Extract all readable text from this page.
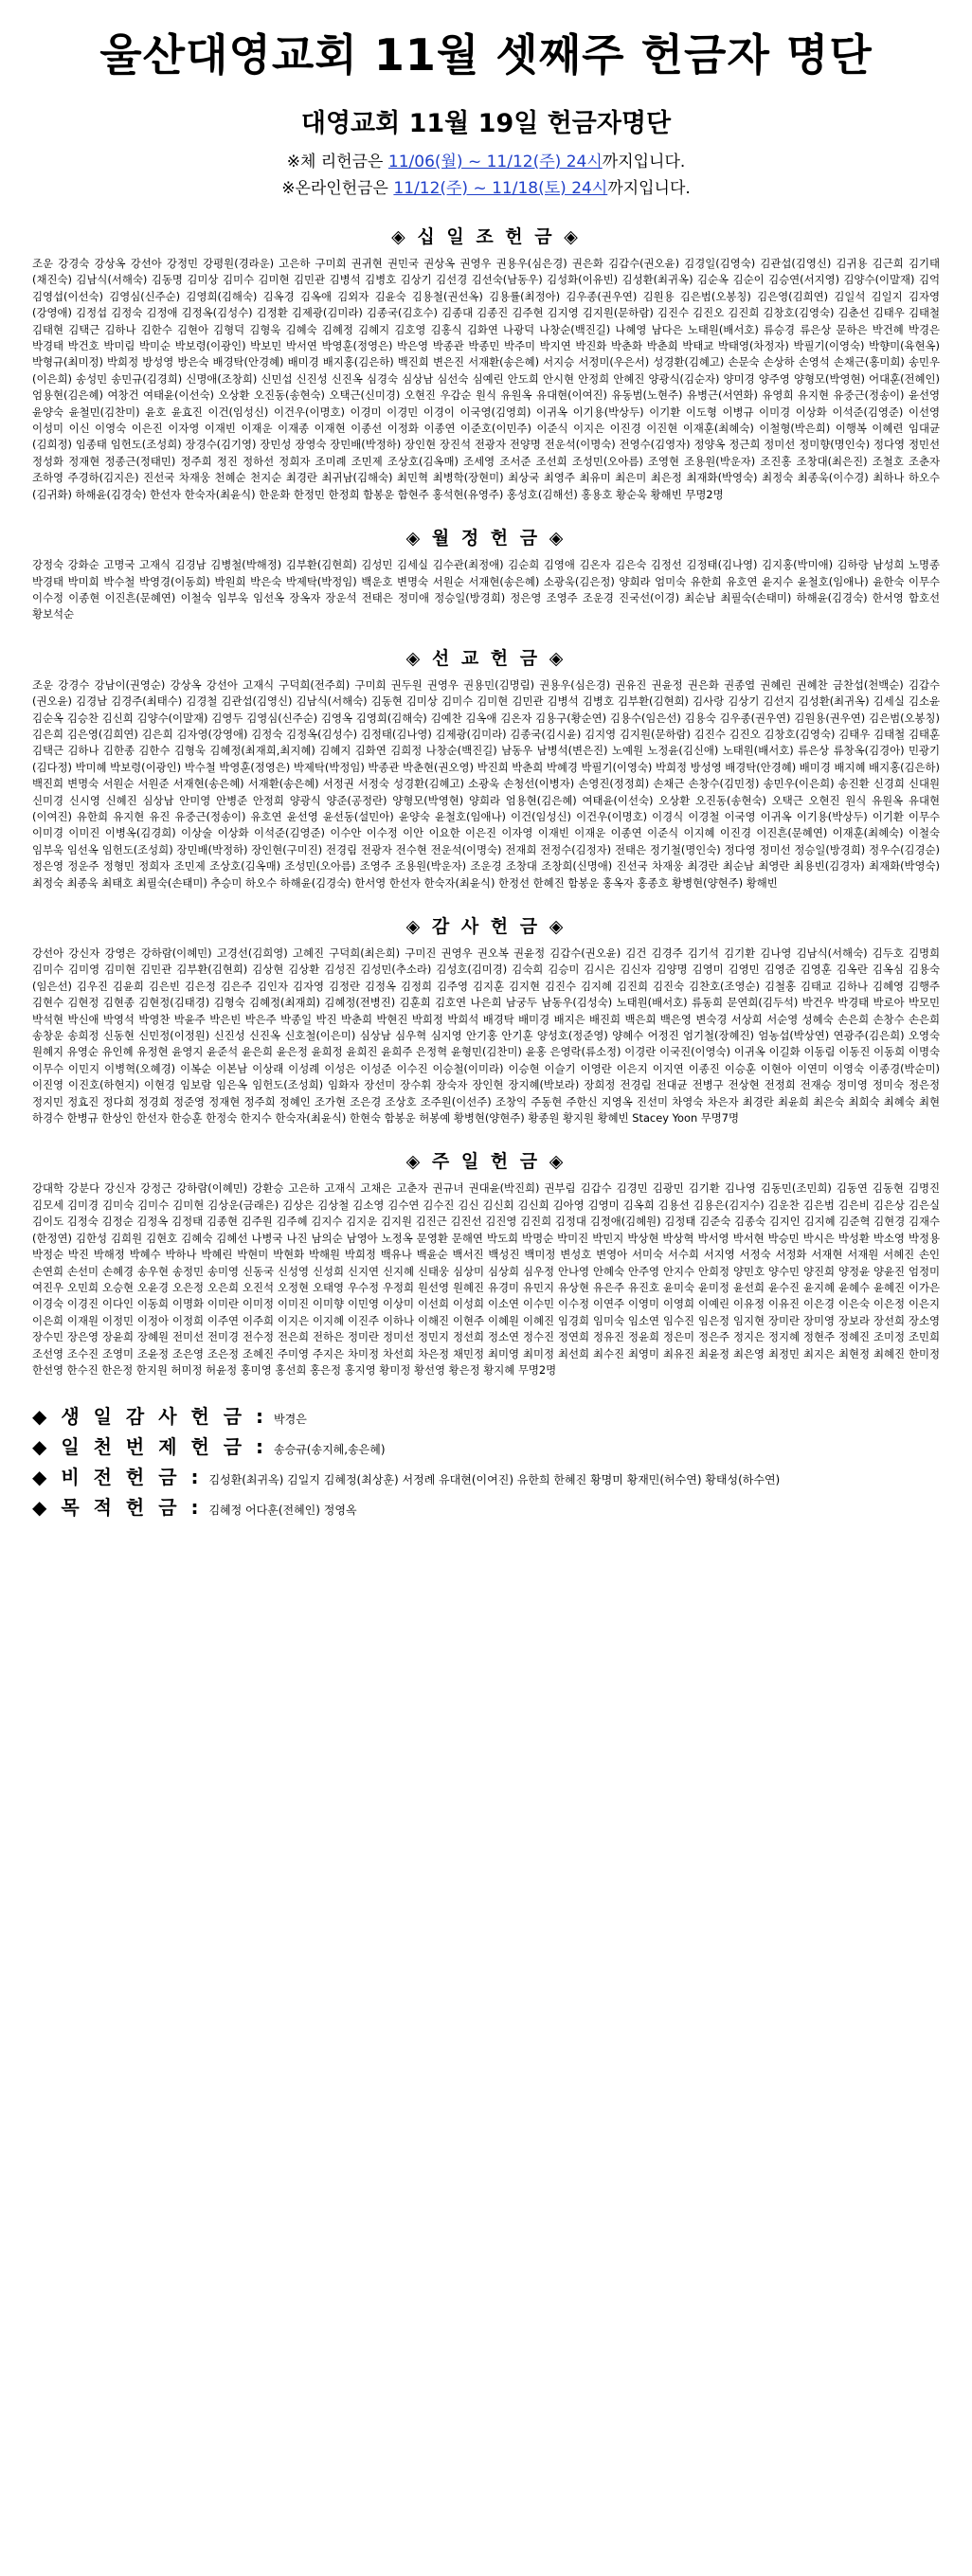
울산대영교회 11월 셋째주 헌금자 명단
대영교회 11월 19일 헌금자명단
※체 리헌금은 11/06(월) ~ 11/12(주) 24시까지입니다.
※온라인헌금은 11/12(주) ~ 11/18(토) 24시까지입니다.
◈ 십 일 조 헌 금 ◈
조운 강경숙 강상옥 강선아 강정민 강평원(경라운) 고은하 구미희 권귀현 권민국 권상옥 권영우 권용우(심은경) 권은화 김갑수(권오윤) 김경일(김영숙) 김관섭(김영신) 김귀용 김근희 김기태(채진숙) 김남식(서해숙) 김동명 김미상 김미수 김미현 김민관 김병석 김병호 김상기 김선경 김선숙(남동우) 김성화(이유빈) 김성환(최귀옥) 김순옥 김순이 김승연(서지영) 김양수(이말재) 김억 김영섭(이선숙) 김영심(신주순) 김영희(김해숙) 김옥경 김옥애 김외자 김윤숙 김용철(권선옥) 김용률(최정아) 김우종(권우연) 김원용 김은범(오봉칭) 김은영(김희연) 김일석 김일지 김자영(강영애) 김정섭 김정숙 김정애 김정옥(김성수) 김정환 김제광(김미라) 김종국(김호수) 김종대 김종진 김주현 김지영 김지원(문하람) 김진수 김진오 김진희 김창호(김영숙) 김춘선 김태우 김태철 김태현 김택근 김하나 김한수 김현아 김형덕 김형욱 김혜숙 김혜정 김혜지 김호영 김홍식 김화연 나광덕 나창순(백진길) 나혜영 남다은 노태원(배서호) 류승경 류은상 문하은 박건혜 박경은 박경태 박건호 박미림 박미순 박보령(이광인) 박보민 박서연 박영훈(정영은) 박은영 박종관 박종민 박주미 박지연 박진화 박춘화 박춘희 박태교 박태영(차정자) 박필기(이영숙) 박향미(육현옥) 박형규(최미정) 박희정 방성영 방은숙 배경탁(안경혜) 배미경 배지홍(김은하) 백진희 변은진 서재환(송은혜) 서지승 서정미(우은서) 성경환(김혜고) 손문숙 손상하 손영석 손채근(홍미희) 송민우(이은희) 송성민 송민규(김경희) 신명애(조창희) 신민섭 신진성 신진옥 심경숙 심상남 심선숙 심예린 안도희 안시현 안정희 안혜진 양광식(김순자) 양미경 양주영 양형모(박영현) 어대훈(전혜인) 엄용현(김은혜) 여창건 여태윤(이선숙) 오상환 오진동(송현숙) 오택근(신미경) 오현진 우갑순 원식 유원옥 유대현(이여진) 유동범(노현주) 유병근(서연화) 유영희 유지현 유중근(정송이) 윤선영 윤양숙 윤철민(김찬미) 윤호 윤효진 이건(임성신) 이건우(이명호) 이경미 이경민 이경이 이국영(김영희) 이귀옥 이기용(박상두) 이기환 이도형 이병규 이미경 이상화 이석준(김영준) 이선영 이성미 이신 이영숙 이은진 이자영 이재빈 이재운 이재종 이재현 이종선 이정화 이종연 이준호(이민주) 이준식 이지은 이진경 이진현 이재훈(최혜숙) 이철형(박은희) 이행복 이혜련 임대균(김희정) 임종태 임헌도(조성희) 장경수(김기영) 장민성 장영숙 장민배(박정하) 장인현 장진석 전광자 전양명 전운석(이명숙) 전영수(김영자) 정양옥 정근희 정미선 정미향(명인숙) 정다영 정민선 정성화 정재현 정종근(정태민) 정주희 정진 정하선 정희자 조미례 조민제 조상호(김옥매) 조세영 조서준 조선희 조성민(오아름) 조영현 조용원(박운자) 조진홍 조창대(최은진) 조철호 조춘자 조하영 주경하(김지은) 진선국 차재웅 천혜순 천지순 최경란 최귀남(김해숙) 최민혁 최병학(장현미) 최상국 최영주 최유미 최은미 최은정 최재화(박영숙) 최정숙 최종욱(이수경) 최하나 하오수(김귀화) 하해윤(김경숙) 한선자 한숙자(최윤식) 한운화 한정민 한정희 함봉운 함현주 홍석현(유영주) 홍성호(김해선) 홍용호 황순욱 황해빈 무명2명
◈ 월 정 헌 금 ◈
강정숙 강화순 고명국 고재식 김경남 김병철(박해정) 김부환(김현희) 김성민 김세실 김수관(최정애) 김순희 김영애 김온자 김은숙 김정선 김정태(김나영) 김지홍(박미애) 김하랑 남성희 노명종 박경태 박미희 박수철 박영경(이동희) 박원희 박은숙 박제탁(박정임) 백운호 변명숙 서원순 서재현(송은혜) 소광욱(김은정) 양희라 엄미숙 유한희 유호연 윤지수 윤철호(임애나) 윤한숙 이무수 이수정 이종현 이진흔(문혜연) 이철숙 임부욱 임선옥 장옥자 장운석 전태은 정미애 정승일(방경희) 정은영 조영주 조운경 진국선(이경) 최순남 최필숙(손태미) 하해윤(김경숙) 한서영 함호선 황보석순
◈ 선 교 헌 금 ◈
조운 강경수 강남이(권영순) 강상옥 강선아 고재식 구덕희(전주희) 구미희 권두원 권영우 권용민(김명림) 권용우(심은경) 권유진 권윤정 권은화 권종열 권혜린 권혜찬 금찬섭(천백순) 김갑수(권오윤) 김경남 김경주(최태수) 김경철 김관섭(김영신) 김남식(서해숙) 김동현 김미상 김미수 김미현 김민관 김병석 김병호 김부환(김현희) 김사랑 김상기 김선지 김성환(최귀옥) 김세실 김소윤 김순옥 김승찬 김신희 김양수(이말재) 김영두 김영심(신주순) 김영옥 김영희(김해숙) 김예찬 김옥애 김온자 김용구(황순연) 김용수(임은선) 김용숙 김우종(권우연) 김원용(권우연) 김은범(오봉칭) 김은희 김은영(김희연) 김은희 김자영(강영애) 김정숙 김정옥(김성수) 김정태(김나영) 김제광(김미라) 김종국(김시윤) 김지영 김지원(문하람) 김진수 김진오 김창호(김영숙) 김태우 김태철 김태훈 김택근 김하나 김한종 김한수 김형욱 김혜정(최재희,최지혜) 김혜지 김화연 김희정 나창순(백진길) 남동우 남병석(변은진) 노예원 노정윤(김신애) 노태원(배서호) 류은상 류창옥(김경아) 민광기(김다정) 박미혜 박보령(이광인) 박수철 박영훈(정영은) 박제탁(박정임) 박종관 박춘현(권오영) 박진희 박춘희 박혜경 박필기(이영숙) 박희정 방성영 배경탁(안경혜) 배미경 배지혜 배지홍(김은하) 백진희 변명숙 서원순 서원준 서재현(송은혜) 서재환(송은혜) 서정권 서정숙 성경환(김혜고) 소광욱 손청선(이병자) 손영진(정정희) 손채근 손창수(김민정) 송민우(이은희) 송진환 신경희 신대원 신미경 신시영 신혜진 심상남 안미영 안병준 안정희 양광식 양준(공정란) 양형모(박영현) 양희라 엄용현(김은혜) 여태윤(이선숙) 오상환 오진동(송현숙) 오택근 오현진 원식 유원옥 유대현(이여진) 유한희 유지현 유진 유중근(정송이) 유호연 윤선영 윤선동(설민아) 윤양숙 윤철호(임애나) 이건(임성신) 이건우(이명호) 이경식 이경철 이국영 이귀옥 이기용(박상두) 이기환 이무수 이미경 이미진 이병옥(김경희) 이상술 이상화 이석준(김영준) 이수안 이수정 이안 이요한 이은진 이자영 이재빈 이재운 이종연 이준식 이지혜 이진경 이진흔(문혜연) 이재훈(최혜숙) 이철숙 임부욱 임선옥 임헌도(조성희) 장민배(박정하) 장인현(구미진) 전경림 전광자 전수현 전운석(이명숙) 전재희 전정수(김정자) 전태은 정기철(명인숙) 정다영 정미선 정승일(방경희) 정우수(김경순) 정은영 정운주 정형민 정희자 조민제 조상호(김옥매) 조성민(오아름) 조영주 조용원(박운자) 조운경 조창대 조창희(신명애) 진선국 차재웅 최경란 최순남 최영란 최용빈(김경자) 최재화(박영숙) 최정숙 최종욱 최태호 최필숙(손태미) 추승미 하오수 하해윤(김경숙) 한서영 한선자 한숙자(최윤식) 한정선 한혜진 함봉운 홍옥자 홍종호 황병현(양현주) 황해빈
◈ 감 사 헌 금 ◈
강선아 강신자 강영은 강하람(이혜민) 고경선(김희영) 고혜진 구덕희(최은희) 구미진 권영우 권오복 권윤정 김갑수(권오윤) 김건 김경주 김기석 김기환 김나영 김남식(서해숙) 김두호 김명희 김미수 김미영 김미현 김민관 김부환(김현희) 김상현 김상환 김성진 김성민(추소라) 김성호(김미경) 김숙희 김승미 김시은 김신자 김양명 김영미 김영민 김영준 김영훈 김옥란 김옥심 김용숙(임은선) 김우진 김윤희 김은빈 김은정 김은주 김인자 김자영 김정란 김정옥 김정희 김주영 김지훈 김지현 김진수 김지혜 김진희 김진숙 김찬호(조영순) 김철홍 김태교 김하나 김혜영 김행주 김현수 김현정 김현종 김현정(김태경) 김형숙 김혜정(최재희) 김혜정(전병진) 김훈희 김호연 나은희 남궁두 남동우(김성숙) 노태원(배서호) 류동희 문연희(김두석) 박건우 박경태 박로아 박모민 박석현 박신애 박영석 박영찬 박윤주 박은빈 박은주 박종일 박진 박춘희 박현진 박희정 박희석 배경탁 배미경 배지은 배진희 백은희 백은영 변숙경 서상희 서순영 성혜숙 손은희 손창수 손은희 송창운 송희정 신동현 신민정(이정원) 신진성 신진옥 신호철(이은미) 심상남 심우혁 심지영 안기홍 안기훈 양성호(정준영) 양혜수 어정진 엄기철(장혜진) 엄농섭(박상연) 연광주(김은희) 오영숙 원혜지 유영순 유인혜 유정현 윤영지 윤준석 윤은희 윤은정 윤희정 윤희진 윤희주 은정혁 윤형민(김찬미) 윤홍 은영락(류소정) 이경란 이국진(이영숙) 이귀옥 이길화 이동림 이동진 이동희 이명숙 이무수 이민지 이병혁(오혜경) 이복순 이본남 이상래 이성례 이성은 이성준 이수진 이승철(이미라) 이승현 이슬기 이영란 이은지 이지연 이종진 이승훈 이현아 이연미 이영숙 이종경(박순미) 이진영 이진호(하현지) 이현경 임보람 임은옥 임헌도(조성희) 임화자 장선미 장수휘 장숙자 장인현 장지혜(박보라) 장희정 전경림 전대균 전병구 전상현 전정희 전재승 정미영 정미숙 정은정 정지민 정효진 정다희 정경희 정준영 정재현 정주희 정혜인 조가현 조은경 조상호 조주원(이선주) 조창익 주동현 주한신 지영옥 진선미 차영숙 차은자 최경란 최윤희 최은숙 최희숙 최혜숙 최현 하경수 한병규 한상인 한선자 한승훈 한정숙 한지수 한숙자(최윤식) 한현숙 함봉운 허봉예 황병현(양현주) 황종원 황지원 황혜빈 Stacey Yoon 무명7명
◈ 주 일 헌 금 ◈
강대학 강분다 강신자 강정근 강하람(이혜민) 강환승 고은하 고재식 고채은 고춘자 권규녀 권대윤(박진희) 권부림 김갑수 김경민 김광민 김기환 김나영 김동민(조민희) 김동연 김동현 김명진 김모세 김미경 김미숙 김미수 김미현 김상운(금래은) 김상은 김상철 김소영 김수연 김수진 김신 김신회 김신희 김아영 김영미 김옥희 김용선 김용은(김지수) 김운찬 김은범 김은비 김은상 김은실 김이도 김정숙 김정순 김정옥 김정태 김종현 김주원 김주혜 김지수 김지운 김지원 김진근 김진선 김진영 김진희 김정대 김정애(김혜원) 김정태 김준숙 김종숙 김지인 김지혜 김준혁 김현경 김재수(한정연) 김한성 김희원 김현호 김혜숙 김혜선 나병국 나진 남의순 남영아 노정옥 문영환 문해연 박도희 박명순 박미진 박민지 박상현 박상혁 박서영 박서현 박승민 박시은 박성환 박소영 박정용 박정순 박진 박해정 박혜수 박하나 박혜린 박현미 박현화 박해원 박희정 백유나 백윤순 백서진 백성진 백미정 변성호 변영아 서미숙 서수희 서지영 서정숙 서정화 서재현 서재원 서혜진 손인 손연희 손선미 손혜경 송우현 송정민 송미영 신동국 신성영 신성희 신지연 신지혜 신태웅 심상미 심상희 심우정 안나영 안혜숙 안주영 안지수 안희정 양민호 양수민 양진희 양정윤 양윤진 엄정미 여진우 오민희 오승현 오윤경 오은정 오은희 오진석 오정현 오태영 우수정 우정희 원선영 원혜진 유경미 유민지 유상현 유은주 유진호 윤미숙 윤미정 윤선희 윤수진 윤지혜 윤혜수 윤혜진 이가은 이경숙 이경진 이다인 이동희 이명화 이미란 이미정 이미진 이미향 이민영 이상미 이선희 이성희 이소연 이수민 이수정 이연주 이영미 이영희 이예린 이유정 이유진 이은경 이은숙 이은정 이은지 이은희 이재원 이정민 이정아 이정희 이주연 이주희 이지은 이지혜 이진주 이하나 이해진 이현주 이혜원 이혜진 임경희 임미숙 임소연 임수진 임은정 임지현 장미란 장미영 장보라 장선희 장소영 장수민 장은영 장윤희 장혜원 전미선 전미경 전수정 전은희 전하은 정미란 정미선 정민지 정선희 정소연 정수진 정연희 정유진 정윤희 정은미 정은주 정지은 정지혜 정현주 정혜진 조미정 조민희 조선영 조수진 조영미 조윤정 조은영 조은정 조혜진 주미영 주지은 차미정 차선희 차은정 채민정 최미영 최미정 최선희 최수진 최영미 최유진 최윤정 최은영 최정민 최지은 최현정 최혜진 한미정 한선영 한수진 한은정 한지원 허미정 허윤정 홍미영 홍선희 홍은정 홍지영 황미정 황선영 황은정 황지혜 무명2명
◆ 생 일 감 사 헌 금 : 박경은
◆ 일 천 번 제 헌 금 : 송승규(송지혜,송은혜)
◆ 비 전 헌 금 : 김성환(최귀옥) 김일지 김혜정(최상훈) 서정례 유대현(이여진) 유한희 한혜진 황명미 황재민(허수연) 황태성(하수연)
◆ 목 적 헌 금 : 김혜정 어다훈(전혜인) 정영옥
